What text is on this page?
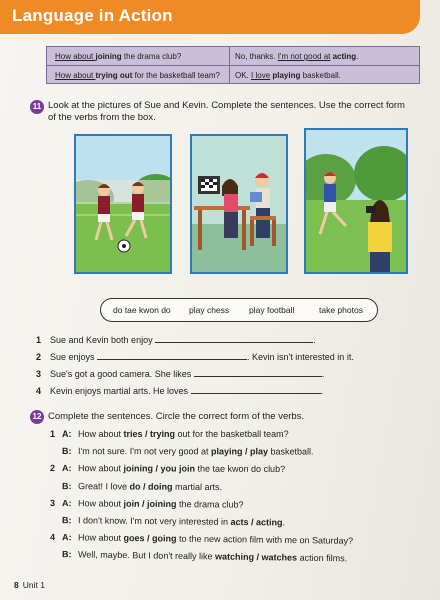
Language in Action
How about joining the drama club?	No, thanks. I'm not good at acting.
How about trying out for the basketball team? OK. I love playing basketball.
11 Look at the pictures of Sue and Kevin. Complete the sentences. Use the correct form
of the verbs from the box.
do tae kwon do play chess play football	take photos
1 Sue and Kevin both enjoy	.
2 Sue enjoys	. Kevin isn't interested in it.
3 Sue's got a good camera. She likes	.
4 Kevin enjoys martial arts. He loves	.
12 Complete the sentences. Circle the correct form of the verbs.
1 A: How about tries / trying out for the basketball team?
B: I'm not sure. I'm not very good at playing / play basketball.
2 A: How about joining / you join the tae kwon do club?
B: Great! I love do / doing martial arts.
3 A: How about join / joining the drama club?
B: I don't know. I'm not very interested in acts / acting.
4 A: How about goes / going to the new action film with me on Saturday?
B: Well, maybe. But I don't really like watching / watches action films.
8 Unit 1
